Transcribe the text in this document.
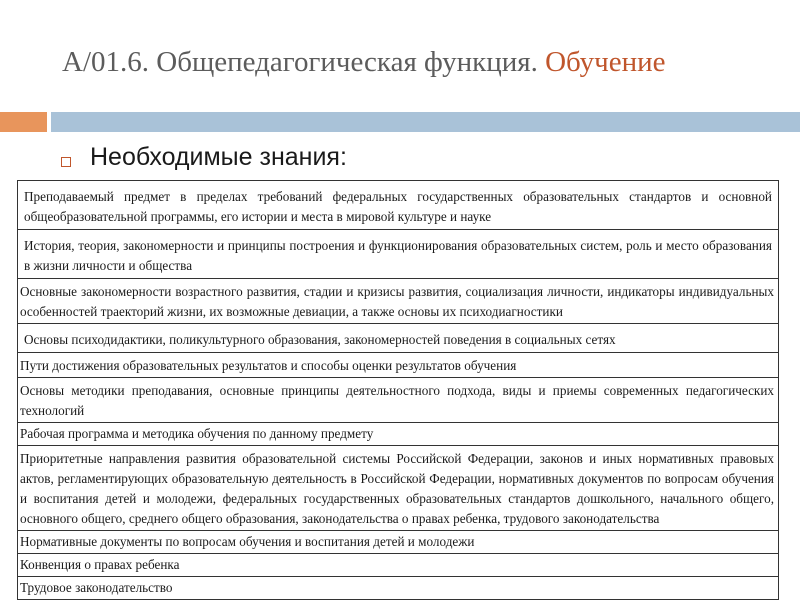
А/01.6. Общепедагогическая функция. Обучение
Необходимые знания:
Преподаваемый предмет в пределах требований федеральных государственных образовательных стандартов и основной общеобразовательной программы, его истории и места в мировой культуре и науке
История, теория, закономерности и принципы построения и функционирования образовательных систем, роль и место образования в жизни личности и общества
Основные закономерности возрастного развития, стадии и кризисы развития, социализация личности, индикаторы индивидуальных особенностей траекторий жизни, их возможные девиации, а также основы их психодиагностики
Основы психодидактики, поликультурного образования, закономерностей поведения в социальных сетях
Пути достижения образовательных результатов и способы оценки результатов обучения
Основы методики преподавания, основные принципы деятельностного подхода, виды и приемы современных педагогических технологий
Рабочая программа и методика обучения по данному предмету
Приоритетные направления развития образовательной системы Российской Федерации, законов и иных нормативных правовых актов, регламентирующих образовательную деятельность в Российской Федерации, нормативных документов по вопросам обучения и воспитания детей и молодежи, федеральных государственных образовательных стандартов дошкольного, начального общего, основного общего, среднего общего образования, законодательства о правах ребенка, трудового законодательства
Нормативные документы по вопросам обучения и воспитания детей и молодежи
Конвенция о правах ребенка
Трудовое законодательство
